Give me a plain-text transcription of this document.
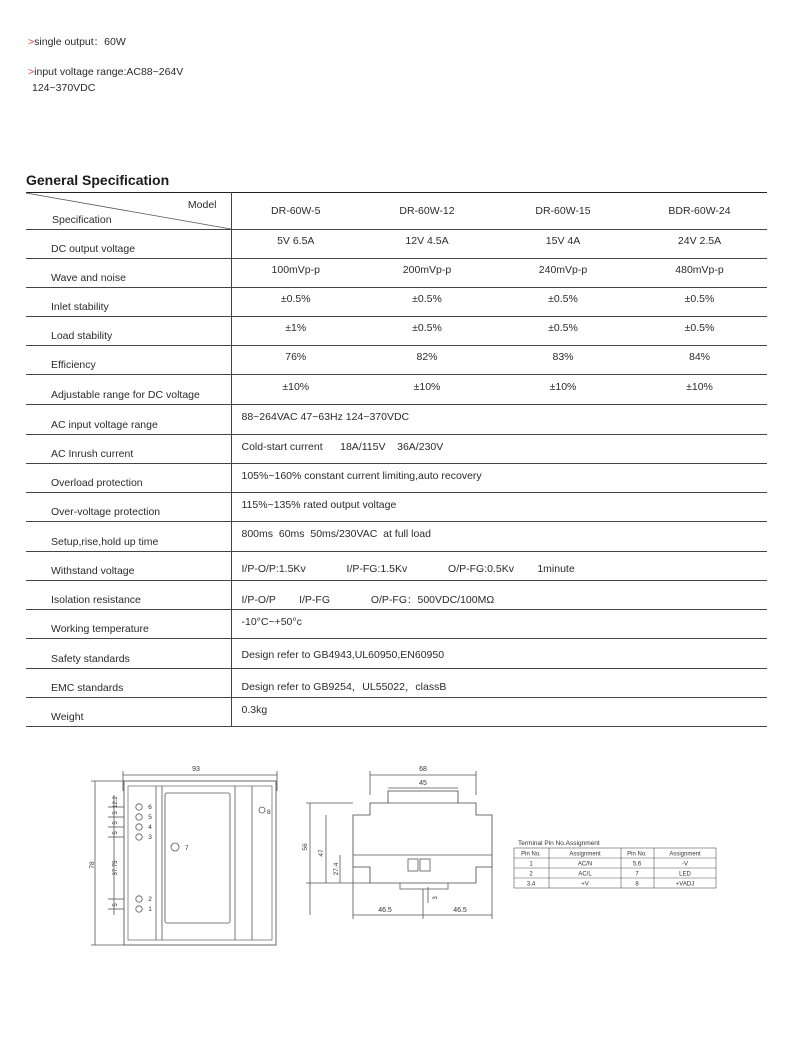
>single output：60W
>input voltage range:AC88~264V
124~370VDC
General Specification
Model
Specification	DR-60W-5	DR-60W-12	DR-60W-15	BDR-60W-24
DC output voltage	5V 6.5A	12V 4.5A	15V 4A	24V 2.5A
Wave and noise	100mVp-p	200mVp-p	240mVp-p	480mVp-p
Inlet stability	±0.5%	±0.5%	±0.5%	±0.5%
Load stability	±1%	±0.5%	±0.5%	±0.5%
Efficiency	76%	82%	83%	84%
Adjustable range for DC voltage	±10%	±10%	±10%	±10%
AC input voltage range	88~264VAC 47~63Hz 124~370VDC			
AC Inrush current	Cold-start current      18A/115V    36A/230V			
Overload protection	105%~160% constant current limiting,auto recovery			
Over-voltage protection	115%~135% rated output voltage			
Setup,rise,hold up time	800ms  60ms  50ms/230VAC  at full load			
Withstand voltage	I/P-O/P:1.5Kv              I/P-FG:1.5Kv              O/P-FG:0.5Kv        1minute			
Isolation resistance	I/P-O/P        I/P-FG              O/P-FG：500VDC/100MΩ			
Working temperature	-10°C~+50°c			
Safety standards	Design refer to GB4943,UL60950,EN60950			
EMC standards	Design refer to GB9254，UL55022，classB			
Weight	0.3kg			
93
6
5
4
3
2
1
7
8
78
12.2
5
5
5
37.75
5
68
45
56
47
27.4
3
46.5	46.5
Terminal Pin No.Assignment
Pin No.	Assignment	Pin No.	Assignment
1	AC/N	5,6	-V
2	AC/L	7	LED
3,4	+V	8	+VADJ
